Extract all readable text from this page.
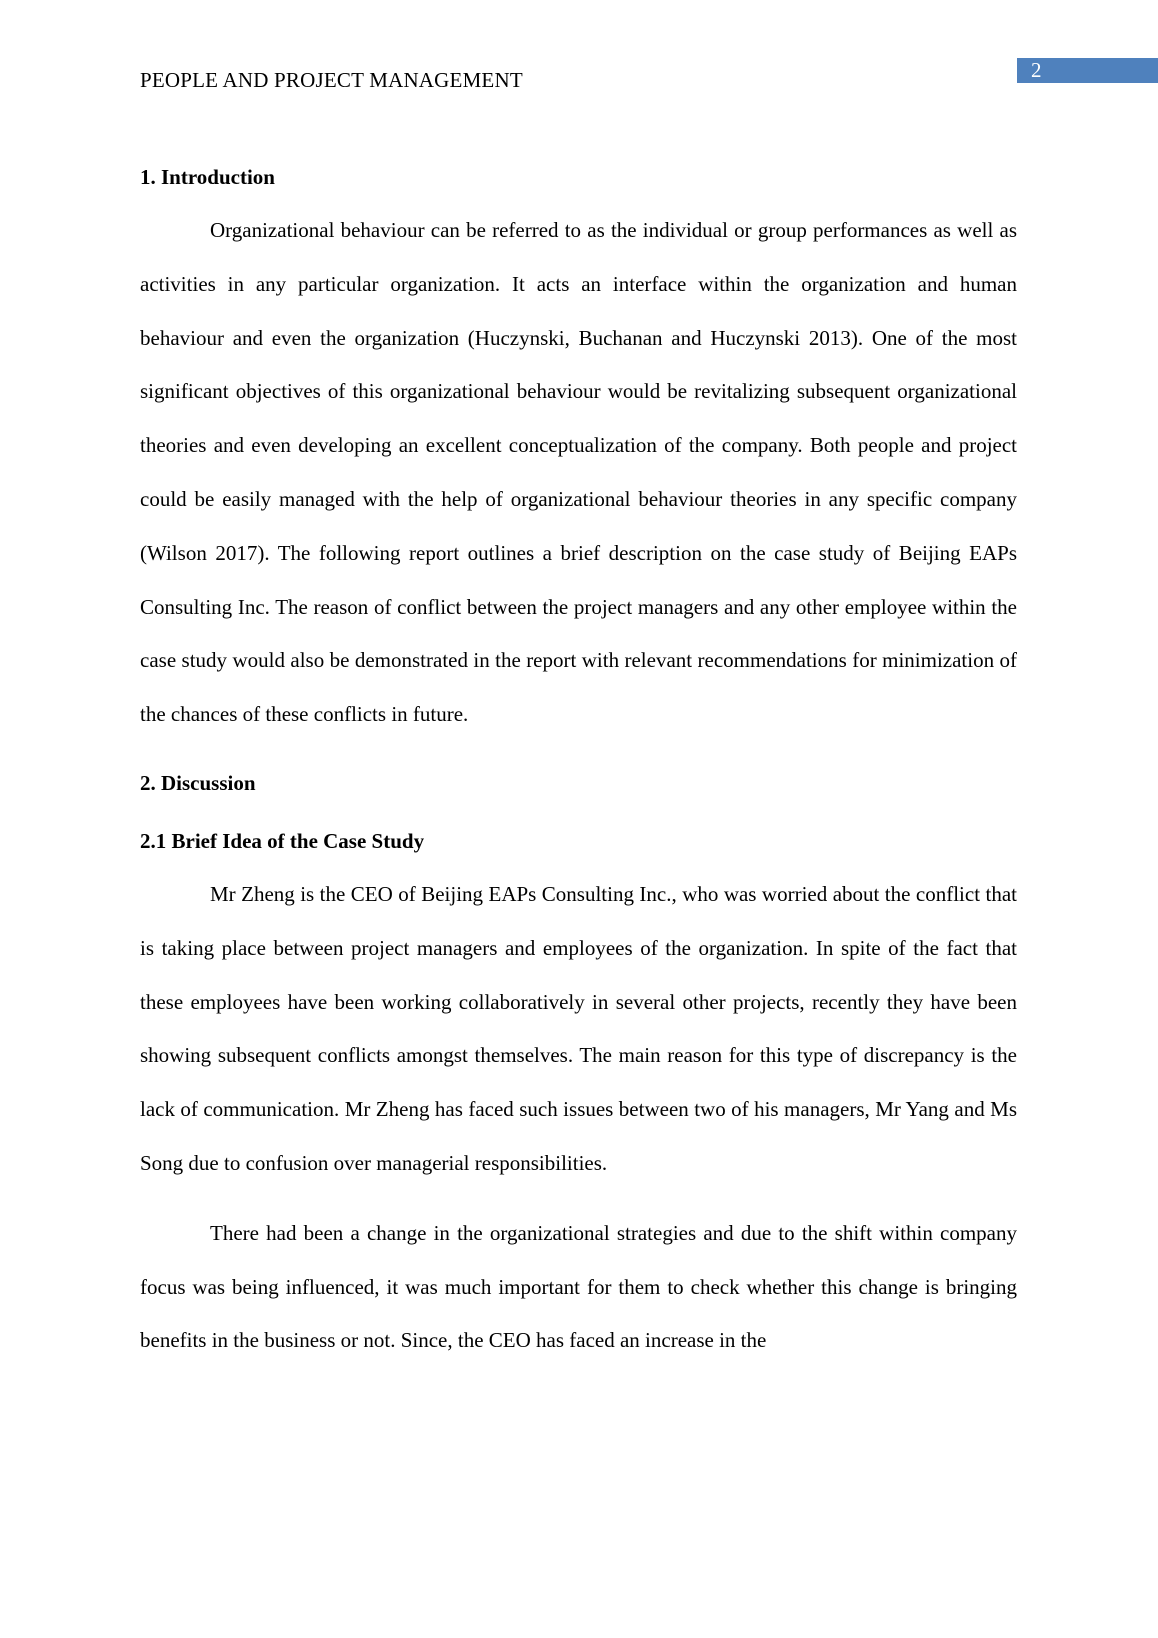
PEOPLE AND PROJECT MANAGEMENT	2
1. Introduction

Organizational behaviour can be referred to as the individual or group performances as well as activities in any particular organization. It acts an interface within the organization and human behaviour and even the organization (Huczynski, Buchanan and Huczynski 2013). One of the most significant objectives of this organizational behaviour would be revitalizing subsequent organizational theories and even developing an excellent conceptualization of the company. Both people and project could be easily managed with the help of organizational behaviour theories in any specific company (Wilson 2017). The following report outlines a brief description on the case study of Beijing EAPs Consulting Inc. The reason of conflict between the project managers and any other employee within the case study would also be demonstrated in the report with relevant recommendations for minimization of the chances of these conflicts in future.

2. Discussion
2.1 Brief Idea of the Case Study

Mr Zheng is the CEO of Beijing EAPs Consulting Inc., who was worried about the conflict that is taking place between project managers and employees of the organization. In spite of the fact that these employees have been working collaboratively in several other projects, recently they have been showing subsequent conflicts amongst themselves. The main reason for this type of discrepancy is the lack of communication. Mr Zheng has faced such issues between two of his managers, Mr Yang and Ms Song due to confusion over managerial responsibilities.

There had been a change in the organizational strategies and due to the shift within company focus was being influenced, it was much important for them to check whether this change is bringing benefits in the business or not. Since, the CEO has faced an increase in the
